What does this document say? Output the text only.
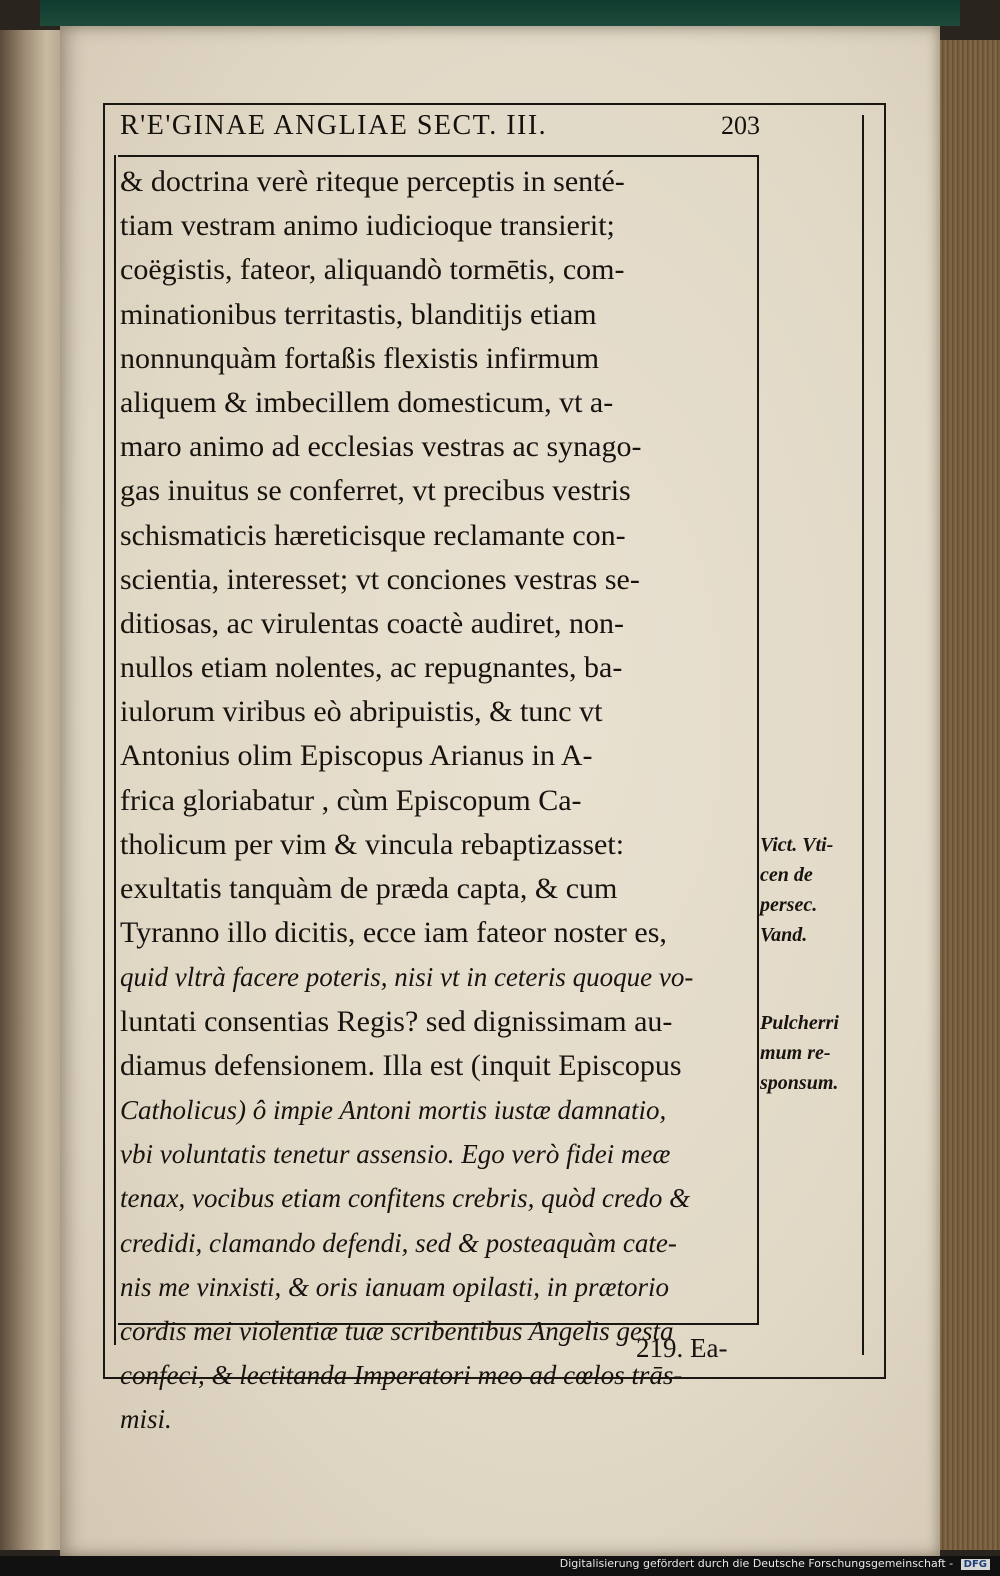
R'E'GINAE ANGLIAE SECT. III.	203
& doctrina verè riteque perceptis in senté-
tiam vestram animo iudicioque transierit;
coëgistis, fateor, aliquandò tormētis, com-
minationibus territastis, blanditijs etiam
nonnunquàm fortaßis flexistis infirmum
aliquem & imbecillem domesticum, vt a-
maro animo ad ecclesias vestras ac synago-
gas inuitus se conferret, vt precibus vestris
schismaticis hæreticisque reclamante con-
scientia, interesset; vt conciones vestras se-
ditiosas, ac virulentas coactè audiret, non-
nullos etiam nolentes, ac repugnantes, ba-
iulorum viribus eò abripuistis, & tunc vt
Antonius olim Episcopus Arianus in A-
frica gloriabatur , cùm Episcopum Ca-
tholicum per vim & vincula rebaptizasset:
exultatis tanquàm de præda capta, & cum
Tyranno illo dicitis, ecce iam fateor noster es,
quid vltrà facere poteris, nisi vt in ceteris quoque vo-
luntati consentias Regis? sed dignissimam au-
diamus defensionem. Illa est (inquit Episcopus
Catholicus) ô impie Antoni mortis iustæ damnatio,
vbi voluntatis tenetur assensio. Ego verò fidei meæ
tenax, vocibus etiam confitens crebris, quòd credo &
credidi, clamando defendi, sed & posteaquàm cate-
nis me vinxisti, & oris ianuam opilasti, in prætorio
cordis mei violentiæ tuæ scribentibus Angelis gesta
confeci, & lectitanda Imperatori meo ad cœlos trās-
misi.
Vict. Vti-
cen de
persec.
Vand.
Pulcherri
mum re-
sponsum.
219. Ea-
Digitalisierung gefördert durch die Deutsche Forschungsgemeinschaft - DFG
